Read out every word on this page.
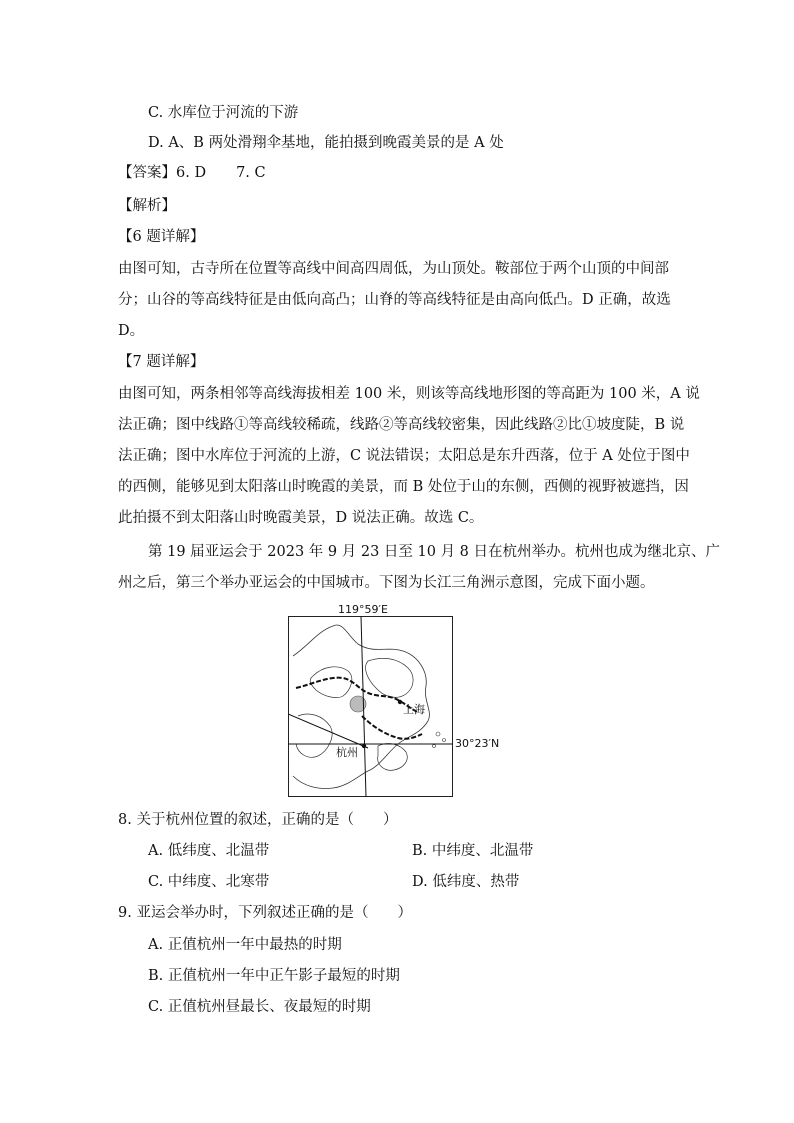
C. 水库位于河流的下游
D. A、B 两处滑翔伞基地，能拍摄到晚霞美景的是 A 处
【答案】6. D 7. C
【解析】
【6 题详解】
由图可知，古寺所在位置等高线中间高四周低，为山顶处。鞍部位于两个山顶的中间部
分；山谷的等高线特征是由低向高凸；山脊的等高线特征是由高向低凸。D 正确，故选
D。
【7 题详解】
由图可知，两条相邻等高线海拔相差 100 米，则该等高线地形图的等高距为 100 米，A 说
法正确；图中线路①等高线较稀疏，线路②等高线较密集，因此线路②比①坡度陡，B 说
法正确；图中水库位于河流的上游，C 说法错误；太阳总是东升西落，位于 A 处位于图中
的西侧，能够见到太阳落山时晚霞的美景，而 B 处位于山的东侧，西侧的视野被遮挡，因
此拍摄不到太阳落山时晚霞美景，D 说法正确。故选 C。
第 19 届亚运会于 2023 年 9 月 23 日至 10 月 8 日在杭州举办。杭州也成为继北京、广
州之后，第三个举办亚运会的中国城市。下图为长江三角洲示意图，完成下面小题。
119°59′E
上海
30°23′N
杭州
8. 关于杭州位置的叙述，正确的是（　　）
A. 低纬度、北温带	B. 中纬度、北温带
C. 中纬度、北寒带	D. 低纬度、热带
9. 亚运会举办时，下列叙述正确的是（　　）
A. 正值杭州一年中最热的时期
B. 正值杭州一年中正午影子最短的时期
C. 正值杭州昼最长、夜最短的时期
